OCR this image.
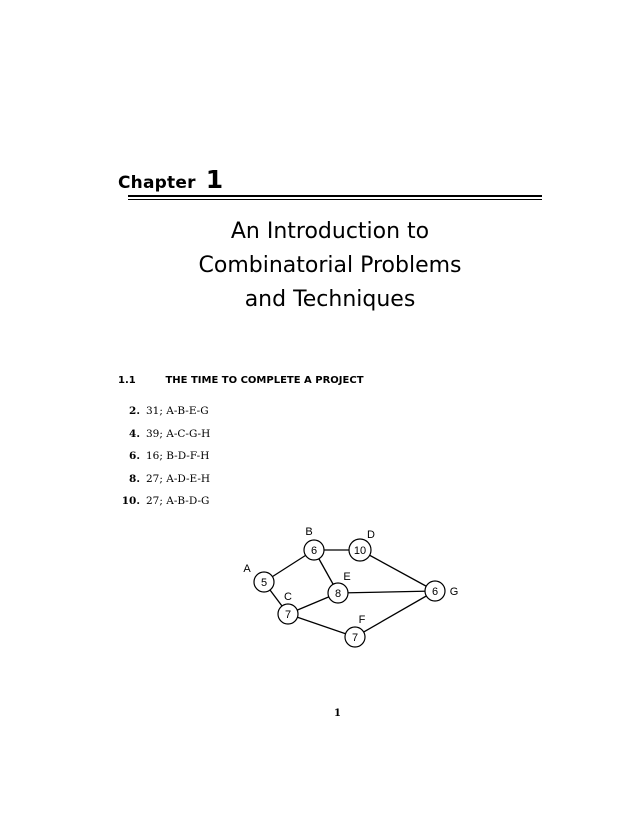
Chapter 1
An Introduction to
Combinatorial Problems
and Techniques
1.1	THE TIME TO COMPLETE A PROJECT
2. 31; A-B-E-G
4. 39; A-C-G-H
6. 16; B-D-F-H
8. 27; A-D-E-H
10. 27; A-B-D-G
5
A
6
B
7
C
10
D
8
E
7
F
6 G
1
